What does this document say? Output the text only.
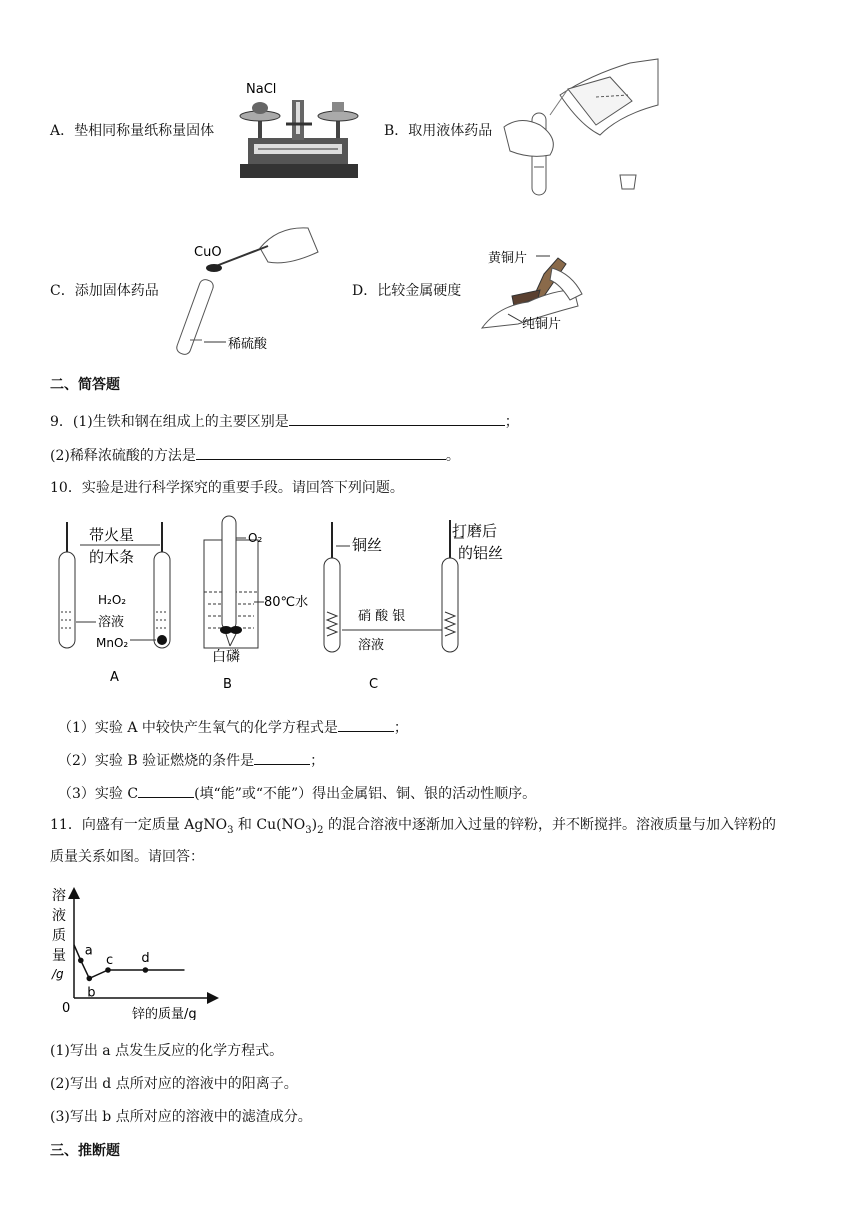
A．垫相同称量纸称量固体
NaCl
B．取用液体药品
C．添加固体药品
CuO
稀硫酸
D．比较金属硬度
黄铜片
纯铜片
二、简答题
9．(1)生铁和钢在组成上的主要区别是	；
(2)稀释浓硫酸的方法是	。
10．实验是进行科学探究的重要手段。请回答下列问题。
带火星
的木条
H₂O₂
溶液
MnO₂
A
O₂
80℃水
白磷
B
铜丝
打磨后
的铝丝
硝 酸 银
溶液
C
（1）实验 A 中较快产生氧气的化学方程式是	；
（2）实验 B 验证燃烧的条件是	；
（3）实验 C	(填“能”或“不能”）得出金属铝、铜、银的活动性顺序。
11．向盛有一定质量 AgNO$_3$ 和 $Cu(NO_3)_2$ 的混合溶液中逐渐加入过量的锌粉，并不断搅拌。溶液质量与加入锌粉的
质量关系如图。请回答：
溶
液
质
量
/g
0	锌的质量/g
a
b
c d
(1)写出 a 点发生反应的化学方程式。
(2)写出 d 点所对应的溶液中的阳离子。
(3)写出 b 点所对应的溶液中的滤渣成分。
三、推断题
